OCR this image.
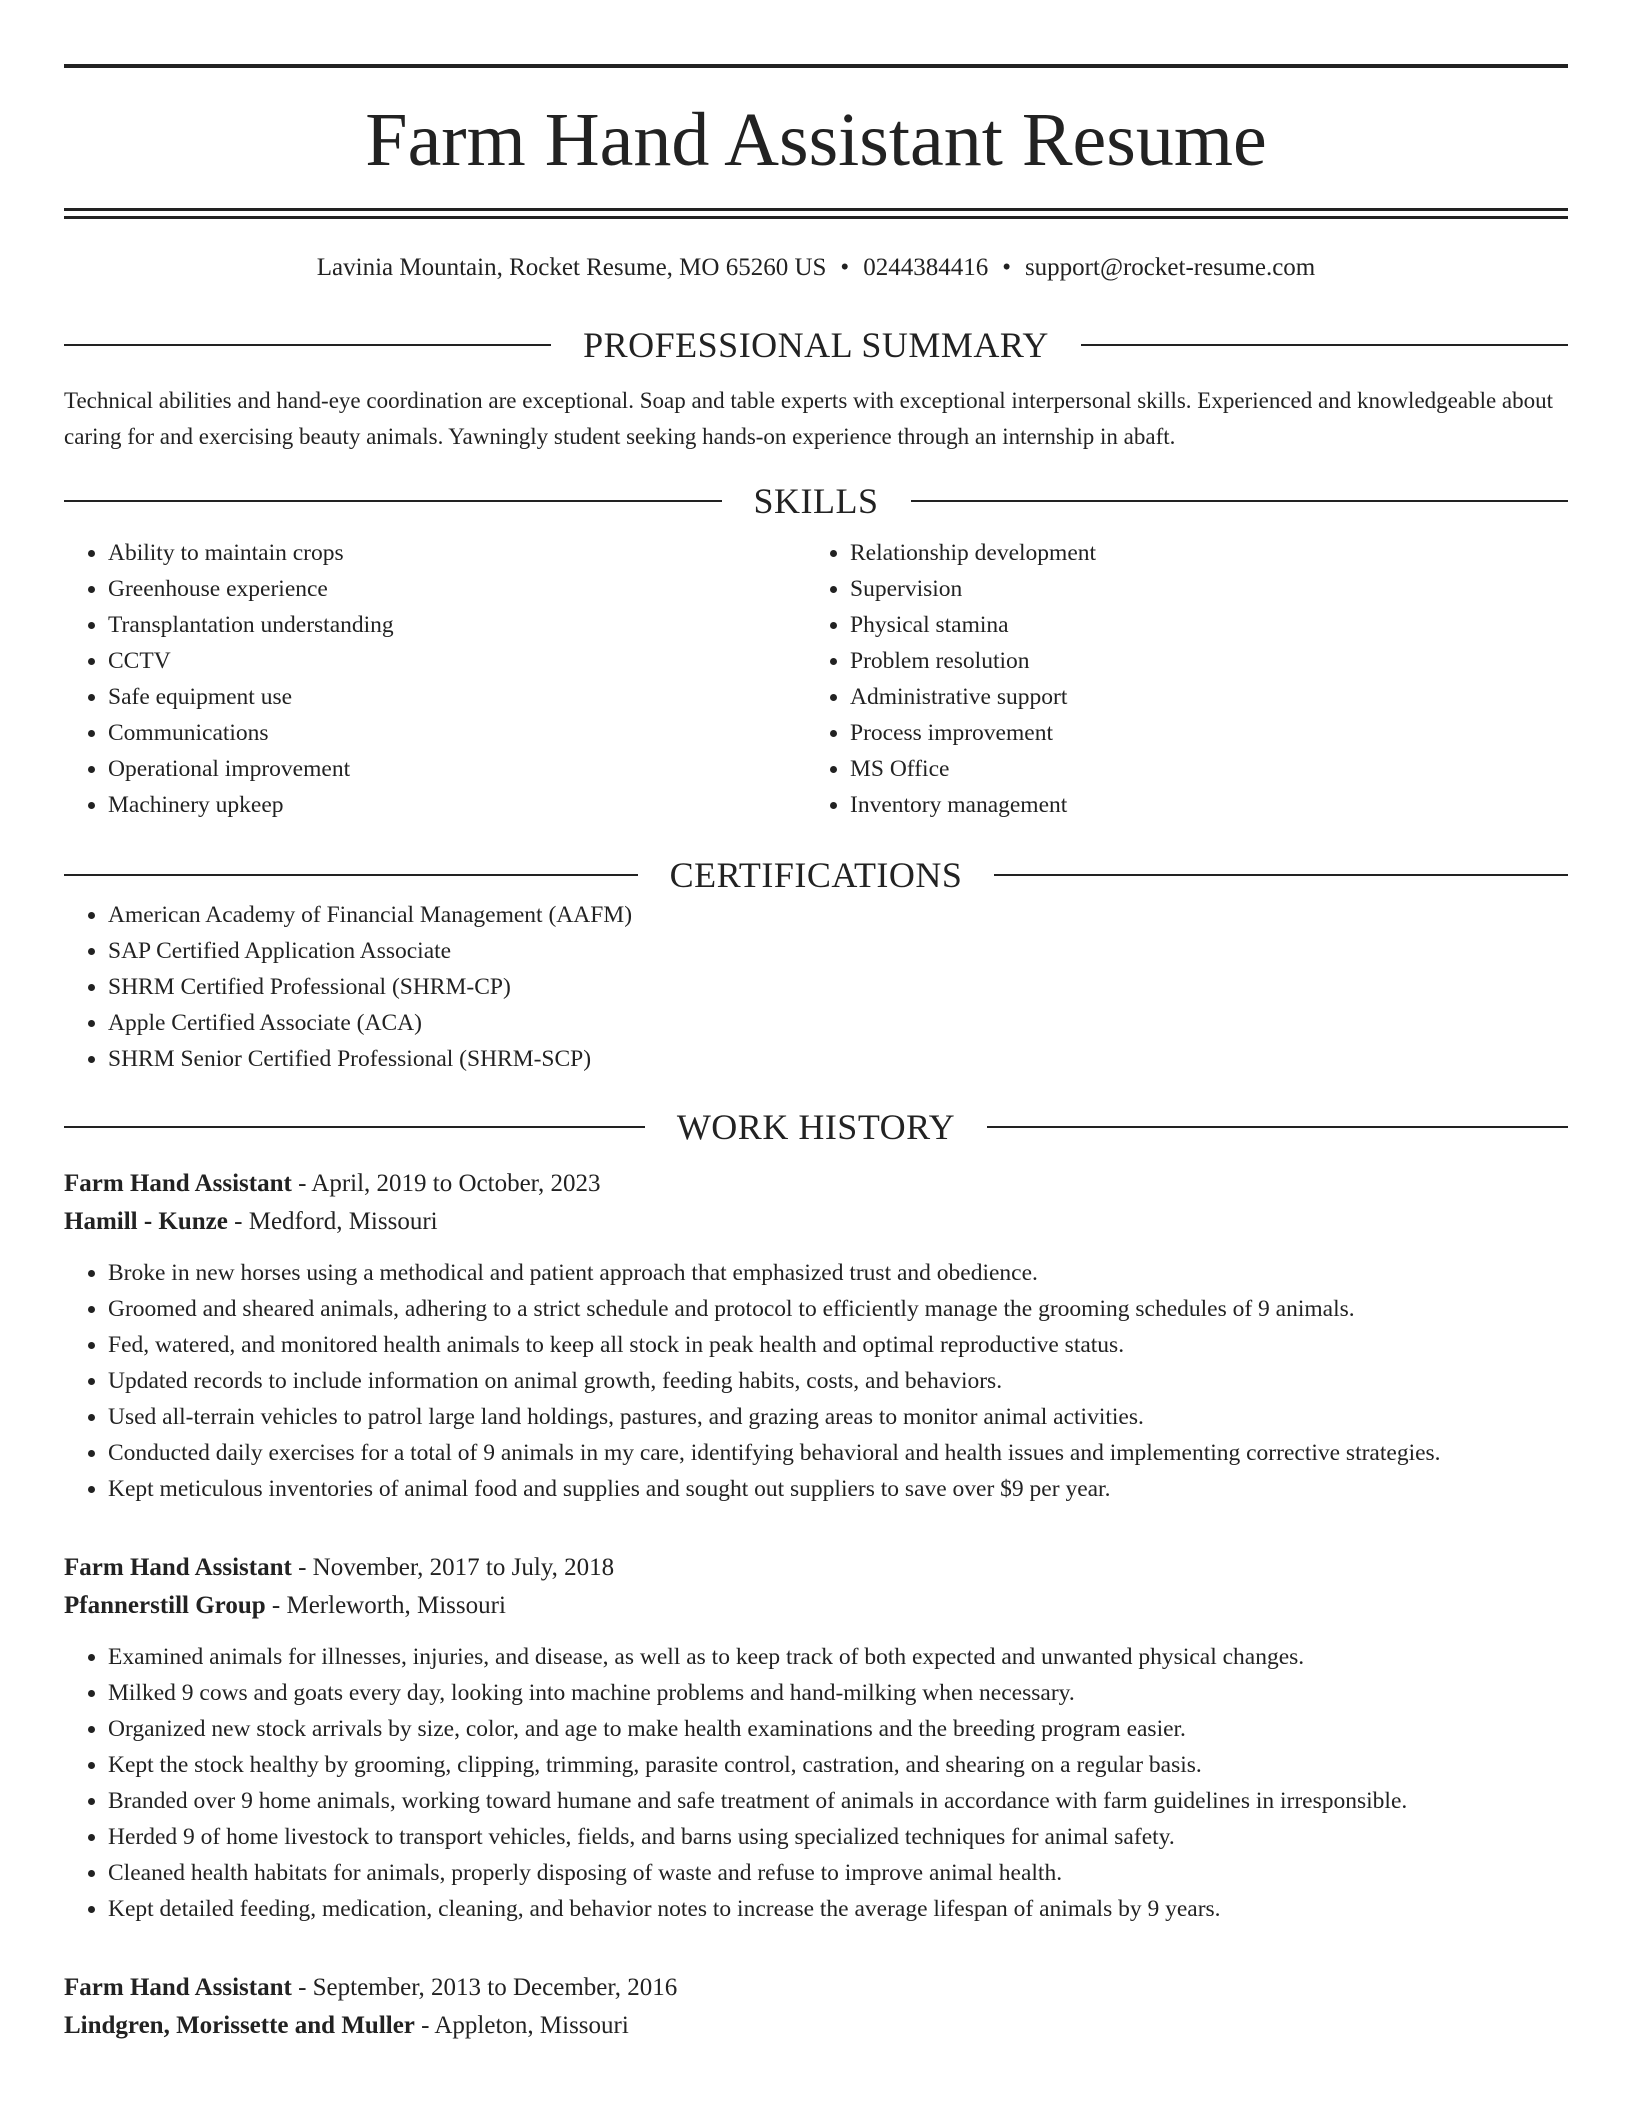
Farm Hand Assistant Resume
Lavinia Mountain, Rocket Resume, MO 65260 US • 0244384416 • support@rocket-resume.com
PROFESSIONAL SUMMARY
Technical abilities and hand-eye coordination are exceptional. Soap and table experts with exceptional interpersonal skills. Experienced and knowledgeable about caring for and exercising beauty animals. Yawningly student seeking hands-on experience through an internship in abaft.
SKILLS
• Ability to maintain crops
• Greenhouse experience
• Transplantation understanding
• CCTV
• Safe equipment use
• Communications
• Operational improvement
• Machinery upkeep
• Relationship development
• Supervision
• Physical stamina
• Problem resolution
• Administrative support
• Process improvement
• MS Office
• Inventory management
CERTIFICATIONS
• American Academy of Financial Management (AAFM)
• SAP Certified Application Associate
• SHRM Certified Professional (SHRM-CP)
• Apple Certified Associate (ACA)
• SHRM Senior Certified Professional (SHRM-SCP)
WORK HISTORY
Farm Hand Assistant - April, 2019 to October, 2023
Hamill - Kunze - Medford, Missouri
• Broke in new horses using a methodical and patient approach that emphasized trust and obedience.
• Groomed and sheared animals, adhering to a strict schedule and protocol to efficiently manage the grooming schedules of 9 animals.
• Fed, watered, and monitored health animals to keep all stock in peak health and optimal reproductive status.
• Updated records to include information on animal growth, feeding habits, costs, and behaviors.
• Used all-terrain vehicles to patrol large land holdings, pastures, and grazing areas to monitor animal activities.
• Conducted daily exercises for a total of 9 animals in my care, identifying behavioral and health issues and implementing corrective strategies.
• Kept meticulous inventories of animal food and supplies and sought out suppliers to save over $9 per year.
Farm Hand Assistant - November, 2017 to July, 2018
Pfannerstill Group - Merleworth, Missouri
• Examined animals for illnesses, injuries, and disease, as well as to keep track of both expected and unwanted physical changes.
• Milked 9 cows and goats every day, looking into machine problems and hand-milking when necessary.
• Organized new stock arrivals by size, color, and age to make health examinations and the breeding program easier.
• Kept the stock healthy by grooming, clipping, trimming, parasite control, castration, and shearing on a regular basis.
• Branded over 9 home animals, working toward humane and safe treatment of animals in accordance with farm guidelines in irresponsible.
• Herded 9 of home livestock to transport vehicles, fields, and barns using specialized techniques for animal safety.
• Cleaned health habitats for animals, properly disposing of waste and refuse to improve animal health.
• Kept detailed feeding, medication, cleaning, and behavior notes to increase the average lifespan of animals by 9 years.
Farm Hand Assistant - September, 2013 to December, 2016
Lindgren, Morissette and Muller - Appleton, Missouri
